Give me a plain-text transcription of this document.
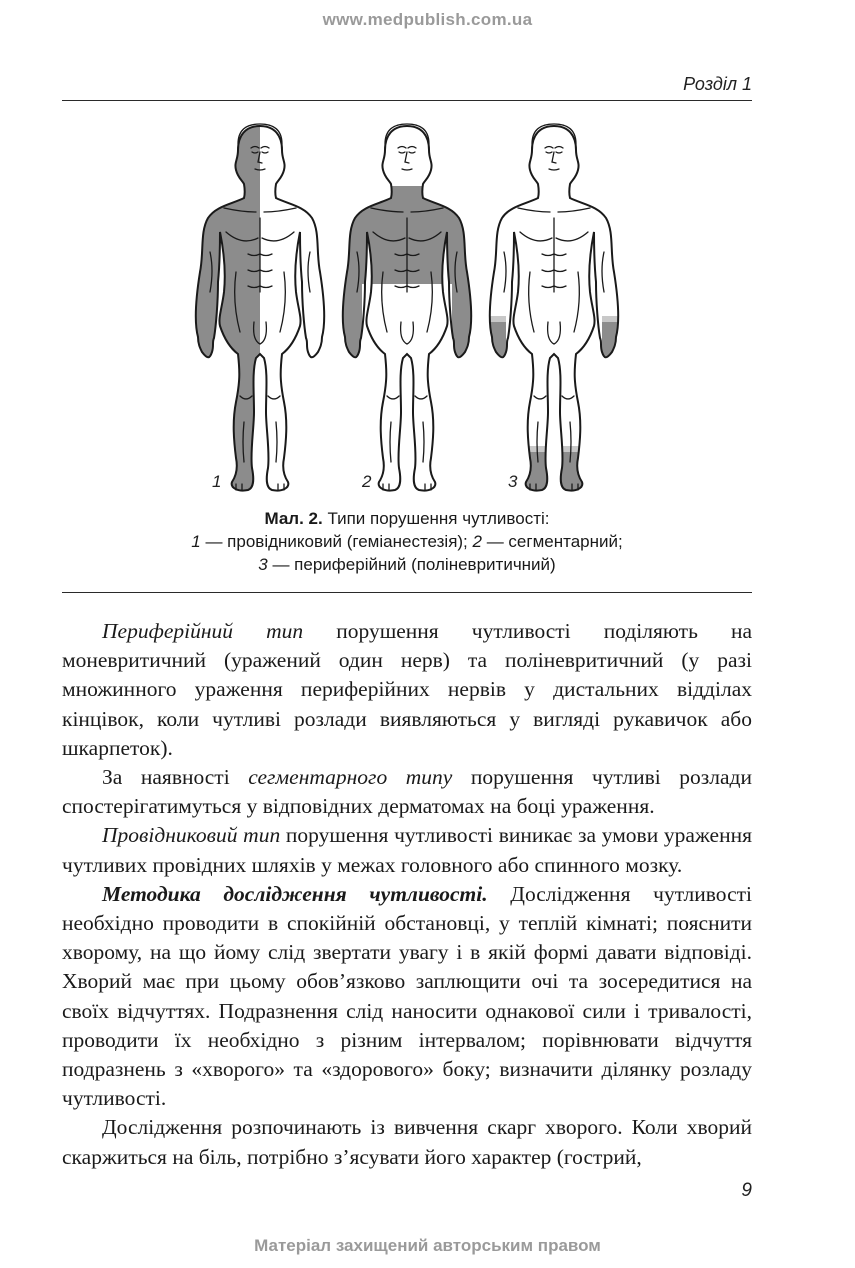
www.medpublish.com.ua
Розділ 1
1	2	3
Мал. 2. Типи порушення чутливості:
1 — провідниковий (геміанестезія); 2 — сегментарний;
3 — периферійний (поліневритичний)

Периферійний тип порушення чутливості поділяють на моневритичний (уражений один нерв) та поліневритичний (у разі множинного ураження периферійних нервів у дистальних відділах кінцівок, коли чутливі розлади виявляються у вигляді рукавичок або шкарпеток).

За наявності сегментарного типу порушення чутливі розлади спостерігатимуться у відповідних дерматомах на боці ураження.

Провідниковий тип порушення чутливості виникає за умови ураження чутливих провідних шляхів у межах головного або спинного мозку.

Методика дослідження чутливості. Дослідження чутливості необхідно проводити в спокійній обстановці, у теплій кімнаті; пояснити хворому, на що йому слід звертати увагу і в якій формі давати відповіді. Хворий має при цьому обов’язково заплющити очі та зосередитися на своїх відчуттях. Подразнення слід наносити однакової сили і тривалості, проводити їх необхідно з різним інтервалом; порівнювати відчуття подразнень з «хворого» та «здорового» боку; визначити ділянку розладу чутливості.

Дослідження розпочинають із вивчення скарг хворого. Коли хворий скаржиться на біль, потрібно з’ясувати його характер (гострий,

9
Матеріал захищений авторським правом
